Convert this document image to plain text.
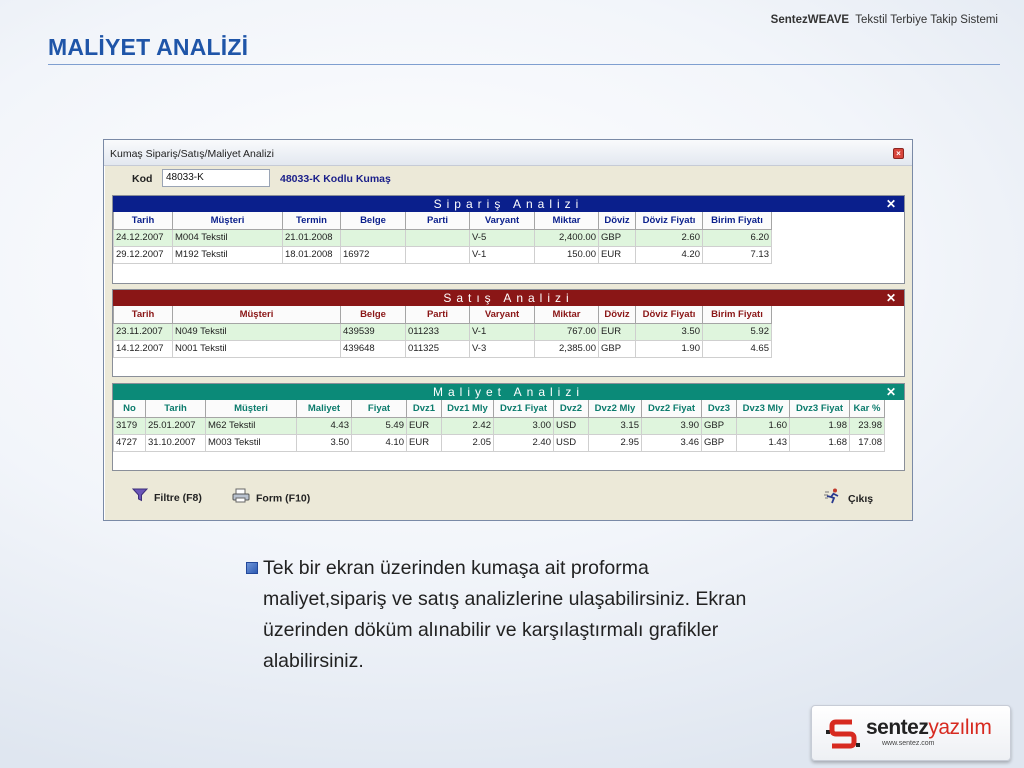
SentezWEAVE Tekstil Terbiye Takip Sistemi
MALİYET ANALİZİ
Kumaş Sipariş/Satış/Maliyet Analizi	×
Kod	48033-K	48033-K Kodlu Kumaş
Sipariş Analizi	✕
Tarih	Müşteri	Termin	Belge	Parti	Varyant	Miktar	Döviz	Döviz Fiyatı	Birim Fiyatı
24.12.2007	M004 Tekstil	21.01.2008			V-5	2,400.00	GBP	2.60	6.20
29.12.2007	M192 Tekstil	18.01.2008	16972		V-1	150.00	EUR	4.20	7.13
Satış Analizi	✕
Tarih	Müşteri	Belge	Parti	Varyant	Miktar	Döviz	Döviz Fiyatı	Birim Fiyatı
23.11.2007	N049 Tekstil	439539	011233	V-1	767.00	EUR	3.50	5.92
14.12.2007	N001 Tekstil	439648	011325	V-3	2,385.00	GBP	1.90	4.65
Maliyet Analizi	✕
No	Tarih	Müşteri	Maliyet	Fiyat	Dvz1	Dvz1 Mly	Dvz1 Fiyat	Dvz2	Dvz2 Mly	Dvz2 Fiyat	Dvz3	Dvz3 Mly	Dvz3 Fiyat	Kar %
3179	25.01.2007	M62 Tekstil	4.43	5.49	EUR	2.42	3.00	USD	3.15	3.90	GBP	1.60	1.98	23.98
4727	31.10.2007	M003 Tekstil	3.50	4.10	EUR	2.05	2.40	USD	2.95	3.46	GBP	1.43	1.68	17.08
Filtre (F8)	Form (F10)	Çıkış
Tek bir ekran üzerinden kumaşa ait proforma maliyet,sipariş ve satış analizlerine ulaşabilirsiniz. Ekran üzerinden döküm alınabilir ve karşılaştırmalı grafikler alabilirsiniz.
sentezyazılım
www.sentez.com
